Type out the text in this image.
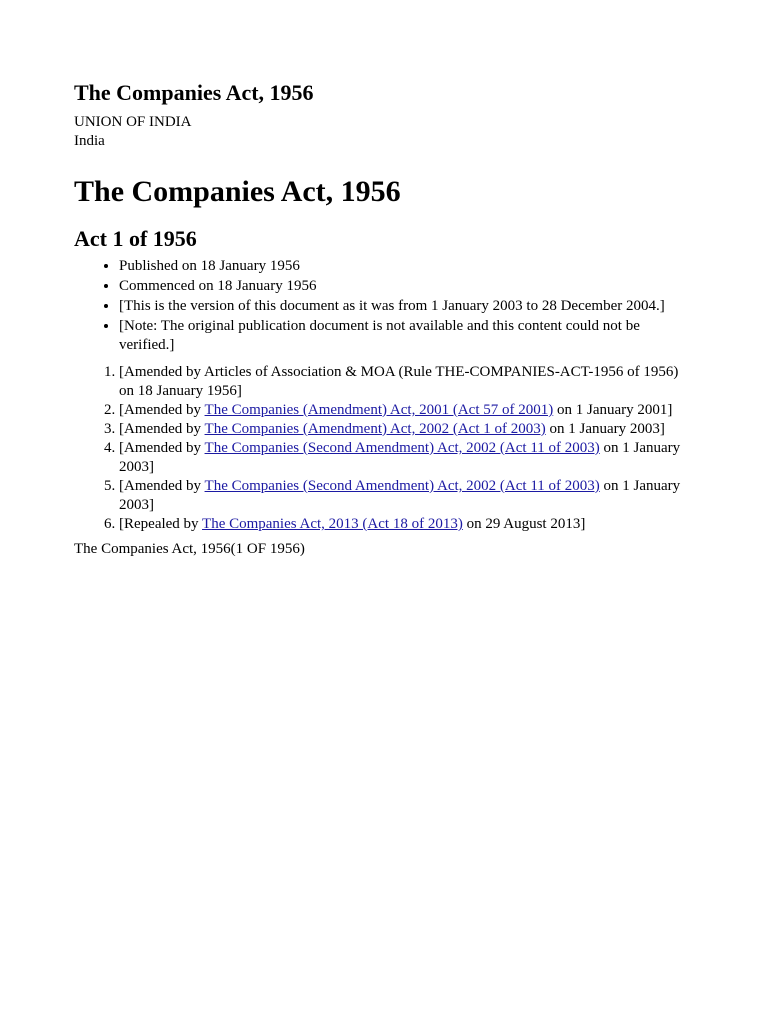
The Companies Act, 1956

UNION OF INDIA

India

The Companies Act, 1956
Act 1 of 1956
• Published on 18 January 1956
• Commenced on 18 January 1956
• [This is the version of this document as it was from 1 January 2003 to 28 December 2004.]
• [Note: The original publication document is not available and this content could not be verified.]
1. [Amended by Articles of Association & MOA (Rule THE-COMPANIES-ACT-1956 of 1956) on 18 January 1956]
2. [Amended by The Companies (Amendment) Act, 2001 (Act 57 of 2001) on 1 January 2001]
3. [Amended by The Companies (Amendment) Act, 2002 (Act 1 of 2003) on 1 January 2003]
4. [Amended by The Companies (Second Amendment) Act, 2002 (Act 11 of 2003) on 1 January 2003]
5. [Amended by The Companies (Second Amendment) Act, 2002 (Act 11 of 2003) on 1 January 2003]
6. [Repealed by The Companies Act, 2013 (Act 18 of 2013) on 29 August 2013]

The Companies Act, 1956(1 OF 1956)
